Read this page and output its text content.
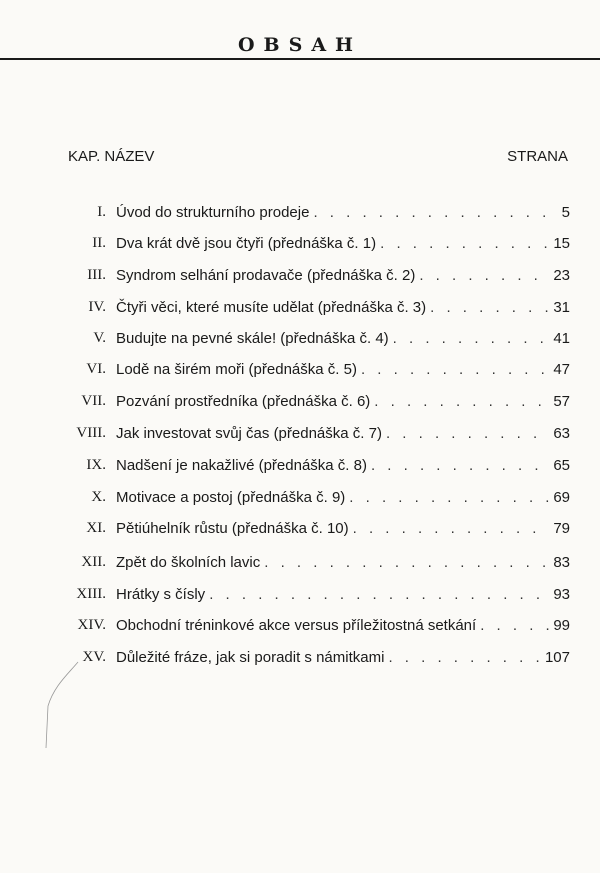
OBSAH
KAP. NÁZEV	STRANA
I. Úvod do strukturního prodeje . . .	5
II. Dva krát dvě jsou čtyři (přednáška č. 1) . . .	15
III. Syndrom selhání prodavače (přednáška č. 2) . . .	23
IV. Čtyři věci, které musíte udělat (přednáška č. 3) . . .	31
V. Budujte na pevné skále! (přednáška č. 4) . . .	41
VI. Lodě na širém moři (přednáška č. 5) . . .	47
VII. Pozvání prostředníka (přednáška č. 6) . . .	57
VIII. Jak investovat svůj čas (přednáška č. 7) . . .	63
IX. Nadšení je nakažlivé (přednáška č. 8) . . .	65
X. Motivace a postoj (přednáška č. 9) . . .	69
XI. Pětiúhelník růstu (přednáška č. 10) . . .	79
XII. Zpět do školních lavic . . .	83
XIII. Hrátky s čísly . . .	93
XIV. Obchodní tréninkové akce versus příležitostná setkání . . .	99
XV. Důležité fráze, jak si poradit s námitkami . . .	107
